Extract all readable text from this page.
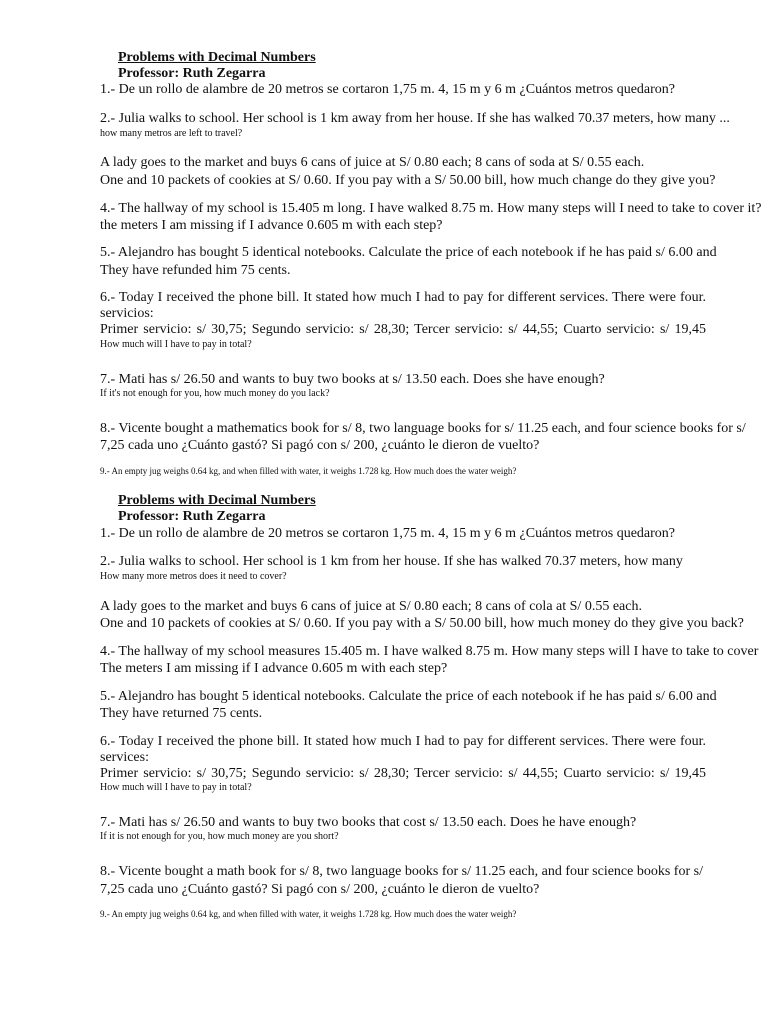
Problems with Decimal Numbers
Professor: Ruth Zegarra
1.- De un rollo de alambre de 20 metros se cortaron 1,75 m. 4, 15 m y 6 m ¿Cuántos metros quedaron?
2.- Julia walks to school. Her school is 1 km away from her house. If she has walked 70.37 meters, how many ...
how many metros are left to travel?
A lady goes to the market and buys 6 cans of juice at S/ 0.80 each; 8 cans of soda at S/ 0.55 each.
One and 10 packets of cookies at S/ 0.60. If you pay with a S/ 50.00 bill, how much change do they give you?
4.- The hallway of my school is 15.405 m long. I have walked 8.75 m. How many steps will I need to take to cover it?
the meters I am missing if I advance 0.605 m with each step?
5.- Alejandro has bought 5 identical notebooks. Calculate the price of each notebook if he has paid s/ 6.00 and
They have refunded him 75 cents.
6.- Today I received the phone bill. It stated how much I had to pay for different services. There were four.
servicios:
Primer servicio: s/ 30,75; Segundo servicio: s/ 28,30; Tercer servicio: s/ 44,55; Cuarto servicio: s/ 19,45
How much will I have to pay in total?
7.- Mati has s/ 26.50 and wants to buy two books at s/ 13.50 each. Does she have enough?
If it's not enough for you, how much money do you lack?
8.- Vicente bought a mathematics book for s/ 8, two language books for s/ 11.25 each, and four science books for s/
7,25 cada uno ¿Cuánto gastó? Si pagó con s/ 200, ¿cuánto le dieron de vuelto?
9.- An empty jug weighs 0.64 kg, and when filled with water, it weighs 1.728 kg. How much does the water weigh?
Problems with Decimal Numbers
Professor: Ruth Zegarra
1.- De un rollo de alambre de 20 metros se cortaron 1,75 m. 4, 15 m y 6 m ¿Cuántos metros quedaron?
2.- Julia walks to school. Her school is 1 km from her house. If she has walked 70.37 meters, how many
How many more metros does it need to cover?
A lady goes to the market and buys 6 cans of juice at S/ 0.80 each; 8 cans of cola at S/ 0.55 each.
One and 10 packets of cookies at S/ 0.60. If you pay with a S/ 50.00 bill, how much money do they give you back?
4.- The hallway of my school measures 15.405 m. I have walked 8.75 m. How many steps will I have to take to cover
The meters I am missing if I advance 0.605 m with each step?
5.- Alejandro has bought 5 identical notebooks. Calculate the price of each notebook if he has paid s/ 6.00 and
They have returned 75 cents.
6.- Today I received the phone bill. It stated how much I had to pay for different services. There were four.
services:
Primer servicio: s/ 30,75; Segundo servicio: s/ 28,30; Tercer servicio: s/ 44,55; Cuarto servicio: s/ 19,45
How much will I have to pay in total?
7.- Mati has s/ 26.50 and wants to buy two books that cost s/ 13.50 each. Does he have enough?
If it is not enough for you, how much money are you short?
8.- Vicente bought a math book for s/ 8, two language books for s/ 11.25 each, and four science books for s/
7,25 cada uno ¿Cuánto gastó? Si pagó con s/ 200, ¿cuánto le dieron de vuelto?
9.- An empty jug weighs 0.64 kg, and when filled with water, it weighs 1.728 kg. How much does the water weigh?
